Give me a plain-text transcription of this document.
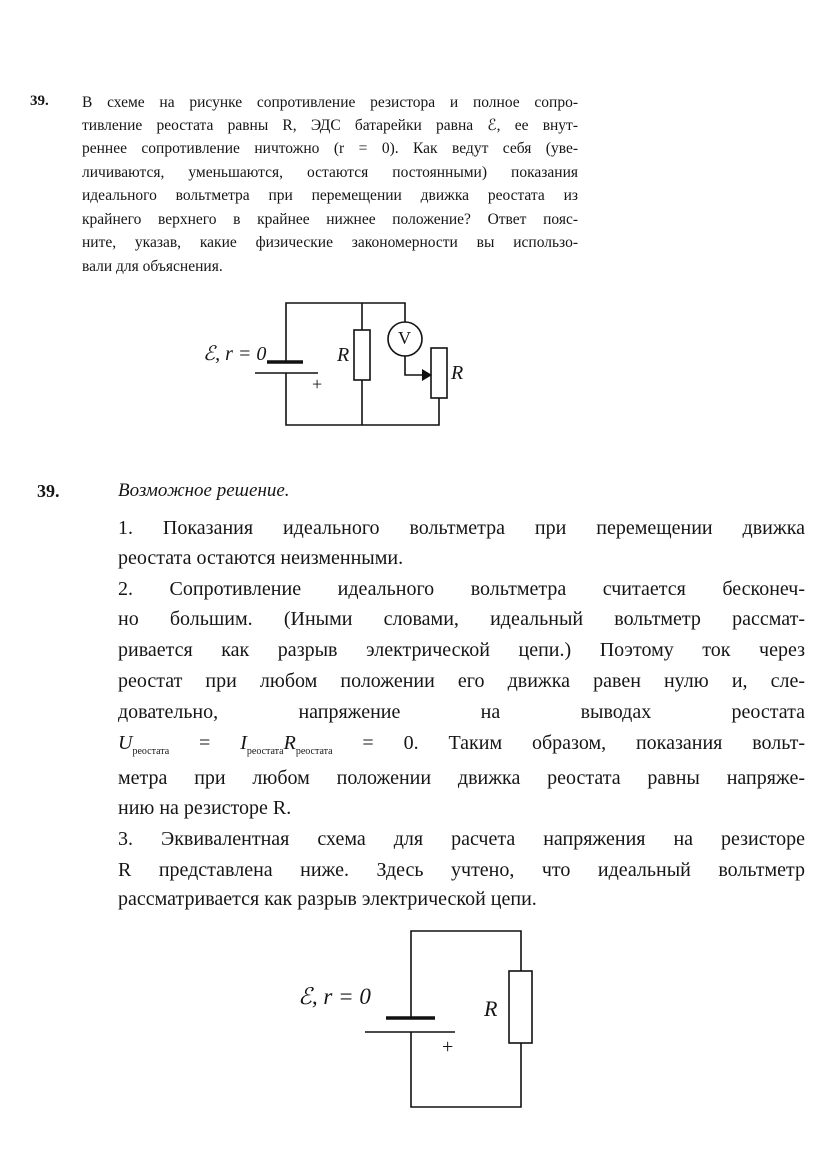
39. В схеме на рисунке сопротивление резистора и полное сопро-
тивление реостата равны R, ЭДС батарейки равна ℰ, ее внут-
реннее сопротивление ничтожно (r = 0). Как ведут себя (уве-
личиваются, уменьшаются, остаются постоянными) показания
идеального вольтметра при перемещении движка реостата из
крайнего верхнего в крайнее нижнее положение? Ответ пояс-
ните, указав, какие физические закономерности вы использо-
вали для объяснения.
ℰ, r = 0
+
R
V
R
39.	Возможное решение.
1. Показания идеального вольтметра при перемещении движка
реостата остаются неизменными.
2. Сопротивление идеального вольтметра считается бесконеч-
но большим. (Иными словами, идеальный вольтметр рассмат-
ривается как разрыв электрической цепи.) Поэтому ток через
реостат при любом положении его движка равен нулю и, сле-
довательно, напряжение на выводах реостата
$U_{реостата} = I_{реостата}R_{реостата} = 0$. Таким образом, показания вольт-
метра при любом положении движка реостата равны напряже-
нию на резисторе R.
3. Эквивалентная схема для расчета напряжения на резисторе
R представлена ниже. Здесь учтено, что идеальный вольтметр
рассматривается как разрыв электрической цепи.
ℰ, r = 0
+
R
